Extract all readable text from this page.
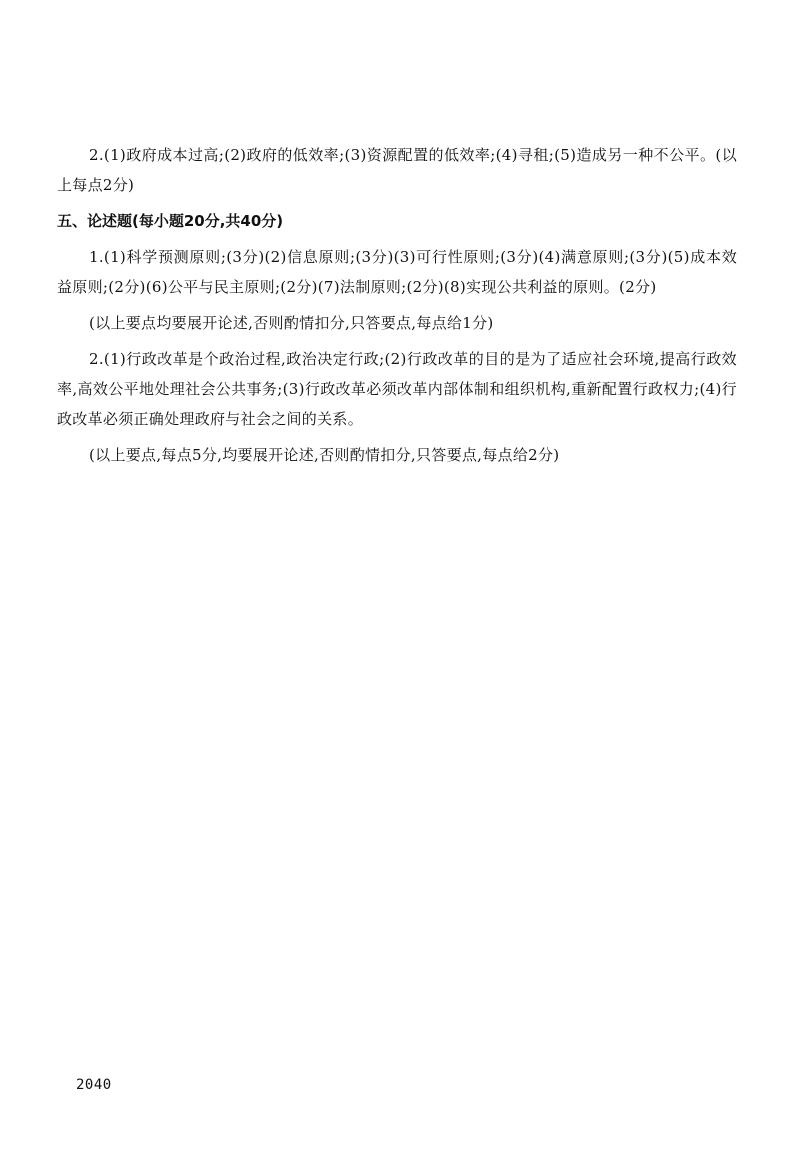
2.(1)政府成本过高;(2)政府的低效率;(3)资源配置的低效率;(4)寻租;(5)造成另一种不公平。(以上每点2分)

五、论述题(每小题20分,共40分)

1.(1)科学预测原则;(3分)(2)信息原则;(3分)(3)可行性原则;(3分)(4)满意原则;(3分)(5)成本效益原则;(2分)(6)公平与民主原则;(2分)(7)法制原则;(2分)(8)实现公共利益的原则。(2分)

(以上要点均要展开论述,否则酌情扣分,只答要点,每点给1分)

2.(1)行政改革是个政治过程,政治决定行政;(2)行政改革的目的是为了适应社会环境,提高行政效率,高效公平地处理社会公共事务;(3)行政改革必须改革内部体制和组织机构,重新配置行政权力;(4)行政改革必须正确处理政府与社会之间的关系。

(以上要点,每点5分,均要展开论述,否则酌情扣分,只答要点,每点给2分)

2040
